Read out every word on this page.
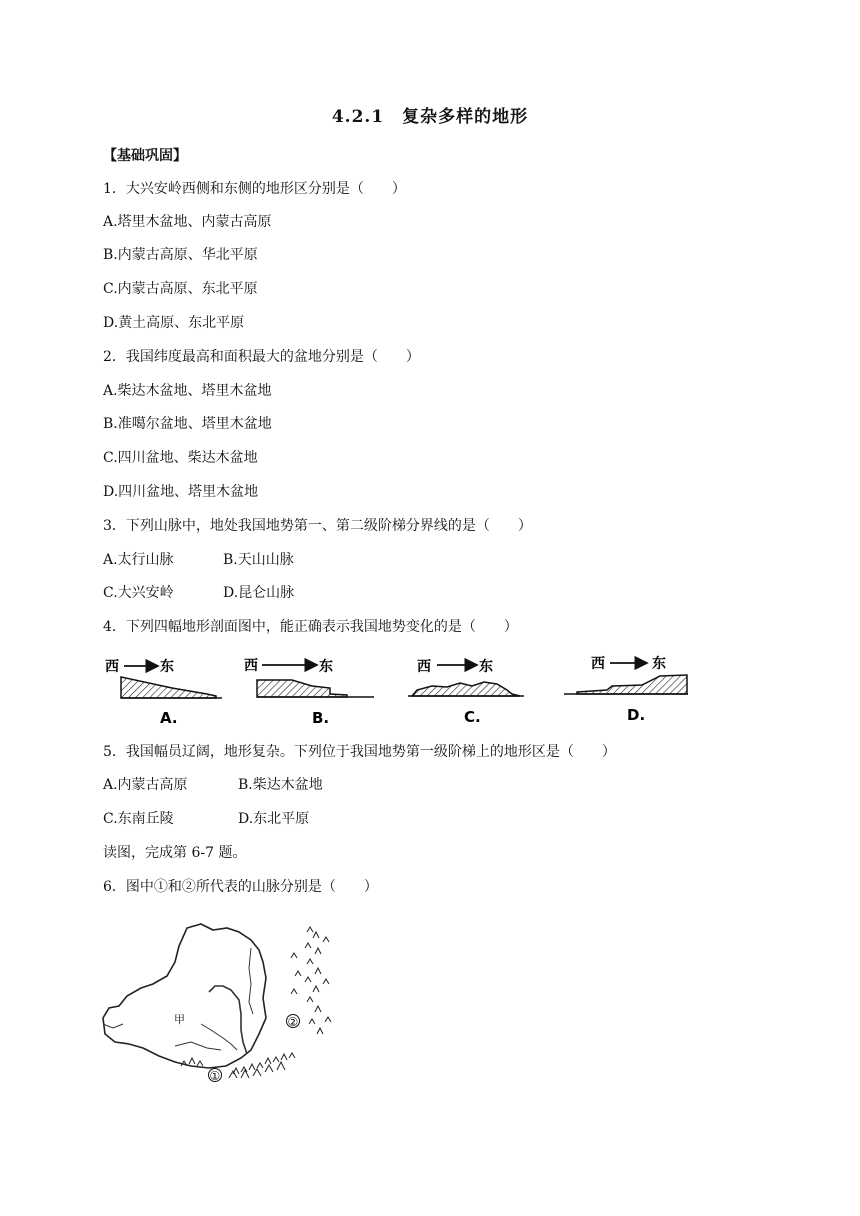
4.2.1　复杂多样的地形
【基础巩固】
1．大兴安岭西侧和东侧的地形区分别是（　　）
A.塔里木盆地、内蒙古高原
B.内蒙古高原、华北平原
C.内蒙古高原、东北平原
D.黄土高原、东北平原
2．我国纬度最高和面积最大的盆地分别是（　　）
A.柴达木盆地、塔里木盆地
B.准噶尔盆地、塔里木盆地
C.四川盆地、柴达木盆地
D.四川盆地、塔里木盆地
3．下列山脉中，地处我国地势第一、第二级阶梯分界线的是（　　）
A.太行山脉	B.天山山脉
C.大兴安岭	D.昆仑山脉
4．下列四幅地形剖面图中，能正确表示我国地势变化的是（　　）
西	东
A.
西	东
B.
西	东
C.
西	东
D.
5．我国幅员辽阔，地形复杂。下列位于我国地势第一级阶梯上的地形区是（　　）
A.内蒙古高原	B.柴达木盆地
C.东南丘陵	D.东北平原
读图，完成第 6-7 题。
6．图中①和②所代表的山脉分别是（　　）
甲
①
②
